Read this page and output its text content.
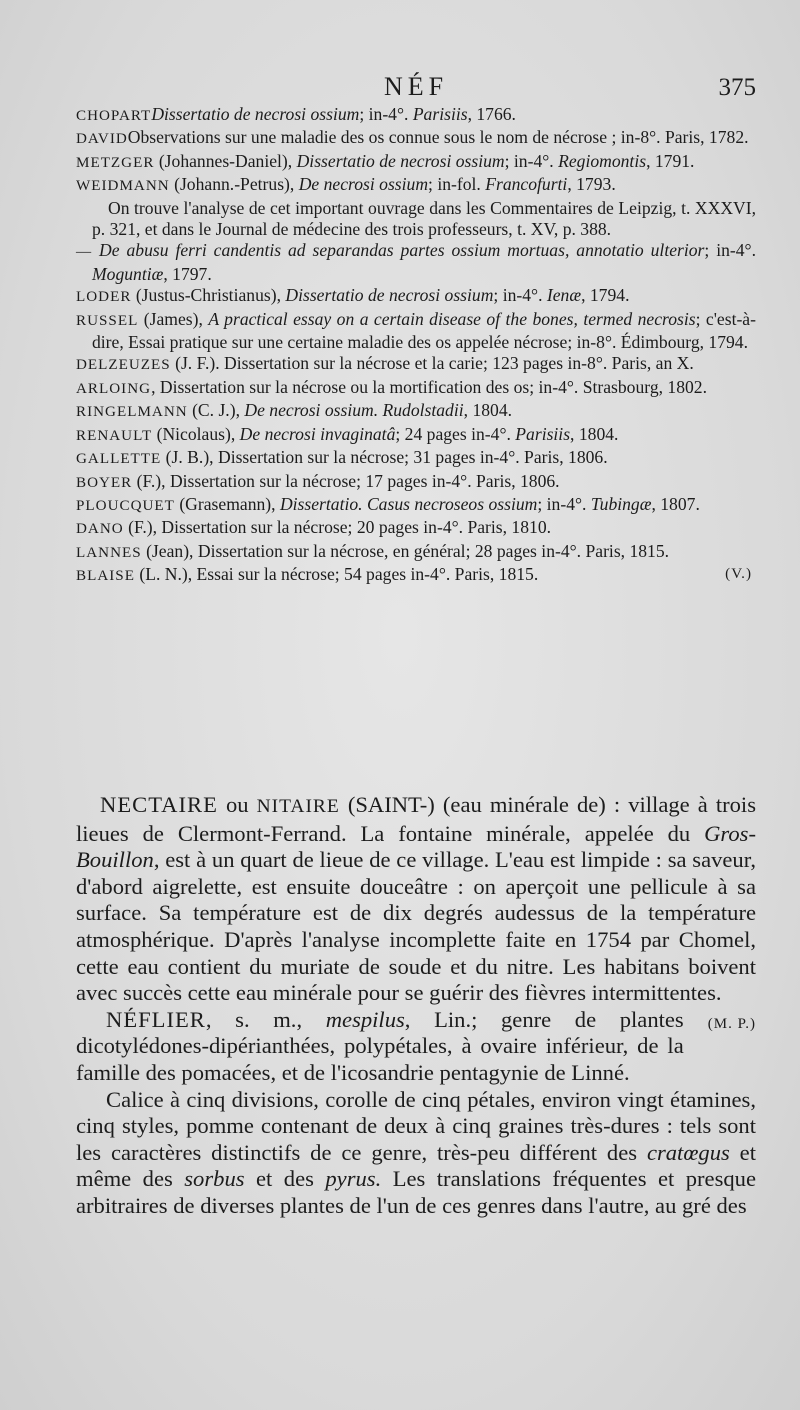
NÉF	375

CHOPARTDissertatio de necrosi ossium; in-4°. Parisiis, 1766.

DAVIDObservations sur une maladie des os connue sous le nom de nécrose ; in-8°. Paris, 1782.

METZGER (Johannes-Daniel), Dissertatio de necrosi ossium; in-4°. Regiomontis, 1791.

WEIDMANN (Johann.-Petrus), De necrosi ossium; in-fol. Francofurti, 1793.
On trouve l'analyse de cet important ouvrage dans les Commentaires de Leipzig, t. XXXVI, p. 321, et dans le Journal de médecine des trois professeurs, t. XV, p. 388.

— De abusu ferri candentis ad separandas partes ossium mortuas, annotatio ulterior; in-4°. Moguntiæ, 1797.

LODER (Justus-Christianus), Dissertatio de necrosi ossium; in-4°. Ienæ, 1794.

RUSSEL (James), A practical essay on a certain disease of the bones, termed necrosis; c'est-à-dire, Essai pratique sur une certaine maladie des os appelée nécrose; in-8°. Édimbourg, 1794.

DELZEUZES (J. F.). Dissertation sur la nécrose et la carie; 123 pages in-8°. Paris, an X.

ARLOING, Dissertation sur la nécrose ou la mortification des os; in-4°. Strasbourg, 1802.

RINGELMANN (C. J.), De necrosi ossium. Rudolstadii, 1804.

RENAULT (Nicolaus), De necrosi invaginatâ; 24 pages in-4°. Parisiis, 1804.

GALLETTE (J. B.), Dissertation sur la nécrose; 31 pages in-4°. Paris, 1806.

BOYER (F.), Dissertation sur la nécrose; 17 pages in-4°. Paris, 1806.

PLOUCQUET (Grasemann), Dissertatio. Casus necroseos ossium; in-4°. Tubingæ, 1807.

DANO (F.), Dissertation sur la nécrose; 20 pages in-4°. Paris, 1810.

LANNES (Jean), Dissertation sur la nécrose, en général; 28 pages in-4°. Paris, 1815.

BLAISE (L. N.), Essai sur la nécrose; 54 pages in-4°. Paris, 1815.	(V.)

NECTAIRE ou NITAIRE (SAINT-) (eau minérale de) : village à trois lieues de Clermont-Ferrand. La fontaine minérale, appelée du Gros-Bouillon, est à un quart de lieue de ce village. L'eau est limpide : sa saveur, d'abord aigrelette, est ensuite douceâtre : on aperçoit une pellicule à sa surface. Sa température est de dix degrés audessus de la température atmosphérique. D'après l'analyse incomplette faite en 1754 par Chomel, cette eau contient du muriate de soude et du nitre. Les habitans boivent avec succès cette eau minérale pour se guérir des fièvres intermittentes.
(M. P.)

NÉFLIER, s. m., mespilus, Lin.; genre de plantes dicotylédones-dipérianthées, polypétales, à ovaire inférieur, de la famille des pomacées, et de l'icosandrie pentagynie de Linné.

Calice à cinq divisions, corolle de cinq pétales, environ vingt étamines, cinq styles, pomme contenant de deux à cinq graines très-dures : tels sont les caractères distinctifs de ce genre, très-peu différent des cratœgus et même des sorbus et des pyrus. Les translations fréquentes et presque arbitraires de diverses plantes de l'un de ces genres dans l'autre, au gré des
